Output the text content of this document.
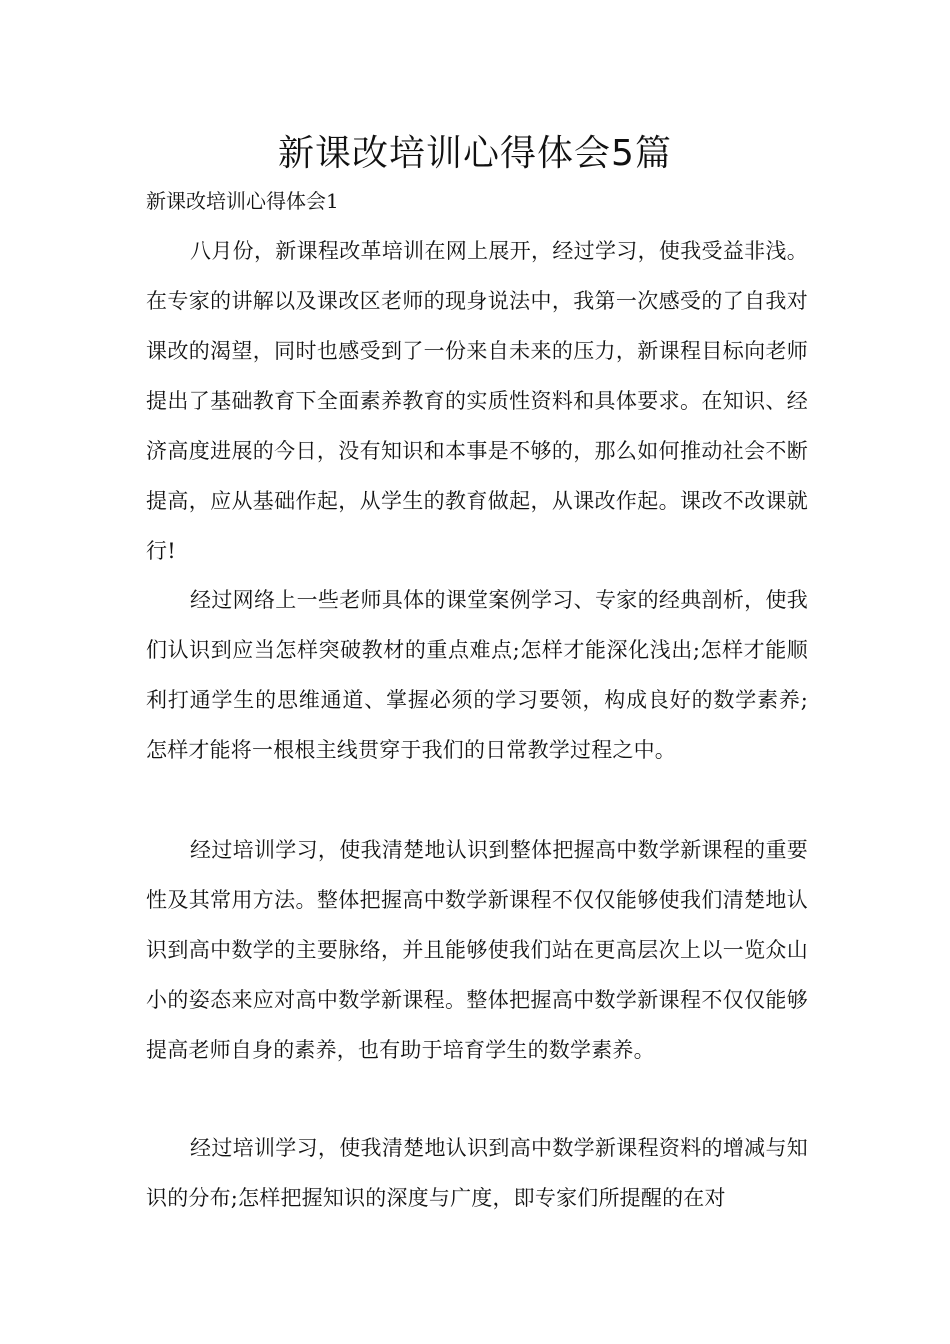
新课改培训心得体会5篇

新课改培训心得体会1

八月份，新课程改革培训在网上展开，经过学习，使我受益非浅。在专家的讲解以及课改区老师的现身说法中，我第一次感受的了自我对课改的渴望，同时也感受到了一份来自未来的压力，新课程目标向老师提出了基础教育下全面素养教育的实质性资料和具体要求。在知识、经济高度进展的今日，没有知识和本事是不够的，那么如何推动社会不断提高，应从基础作起，从学生的教育做起，从课改作起。课改不改课就行!

经过网络上一些老师具体的课堂案例学习、专家的经典剖析，使我们认识到应当怎样突破教材的重点难点;怎样才能深化浅出;怎样才能顺利打通学生的思维通道、掌握必须的学习要领，构成良好的数学素养;怎样才能将一根根主线贯穿于我们的日常教学过程之中。

经过培训学习，使我清楚地认识到整体把握高中数学新课程的重要性及其常用方法。整体把握高中数学新课程不仅仅能够使我们清楚地认识到高中数学的主要脉络，并且能够使我们站在更高层次上以一览众山小的姿态来应对高中数学新课程。整体把握高中数学新课程不仅仅能够提高老师自身的素养，也有助于培育学生的数学素养。

经过培训学习，使我清楚地认识到高中数学新课程资料的增减与知识的分布;怎样把握知识的深度与广度，即专家们所提醒的在对
